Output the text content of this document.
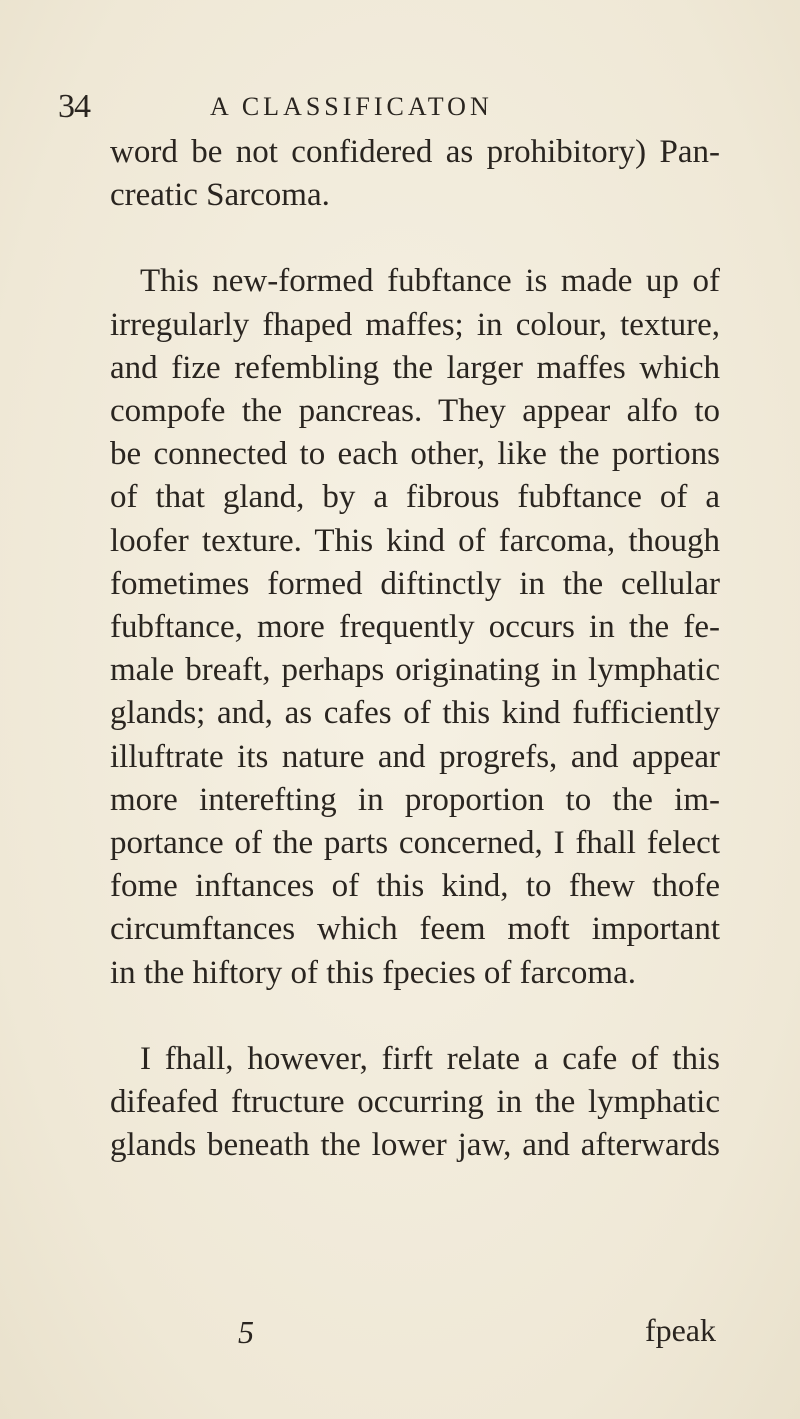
34	A CLASSIFICATON
word be not confidered as prohibitory) Pan-
creatic Sarcoma.
This new-formed fubftance is made up of
irregularly fhaped maffes; in colour, texture,
and fize refembling the larger maffes which
compofe the pancreas. They appear alfo to
be connected to each other, like the portions
of that gland, by a fibrous fubftance of a
loofer texture. This kind of farcoma, though
fometimes formed diftinctly in the cellular
fubftance, more frequently occurs in the fe-
male breaft, perhaps originating in lymphatic
glands; and, as cafes of this kind fufficiently
illuftrate its nature and progrefs, and appear
more interefting in proportion to the im-
portance of the parts concerned, I fhall felect
fome inftances of this kind, to fhew thofe
circumftances which feem moft important
in the hiftory of this fpecies of farcoma.
I fhall, however, firft relate a cafe of this
difeafed ftructure occurring in the lymphatic
glands beneath the lower jaw, and afterwards
5	fpeak
